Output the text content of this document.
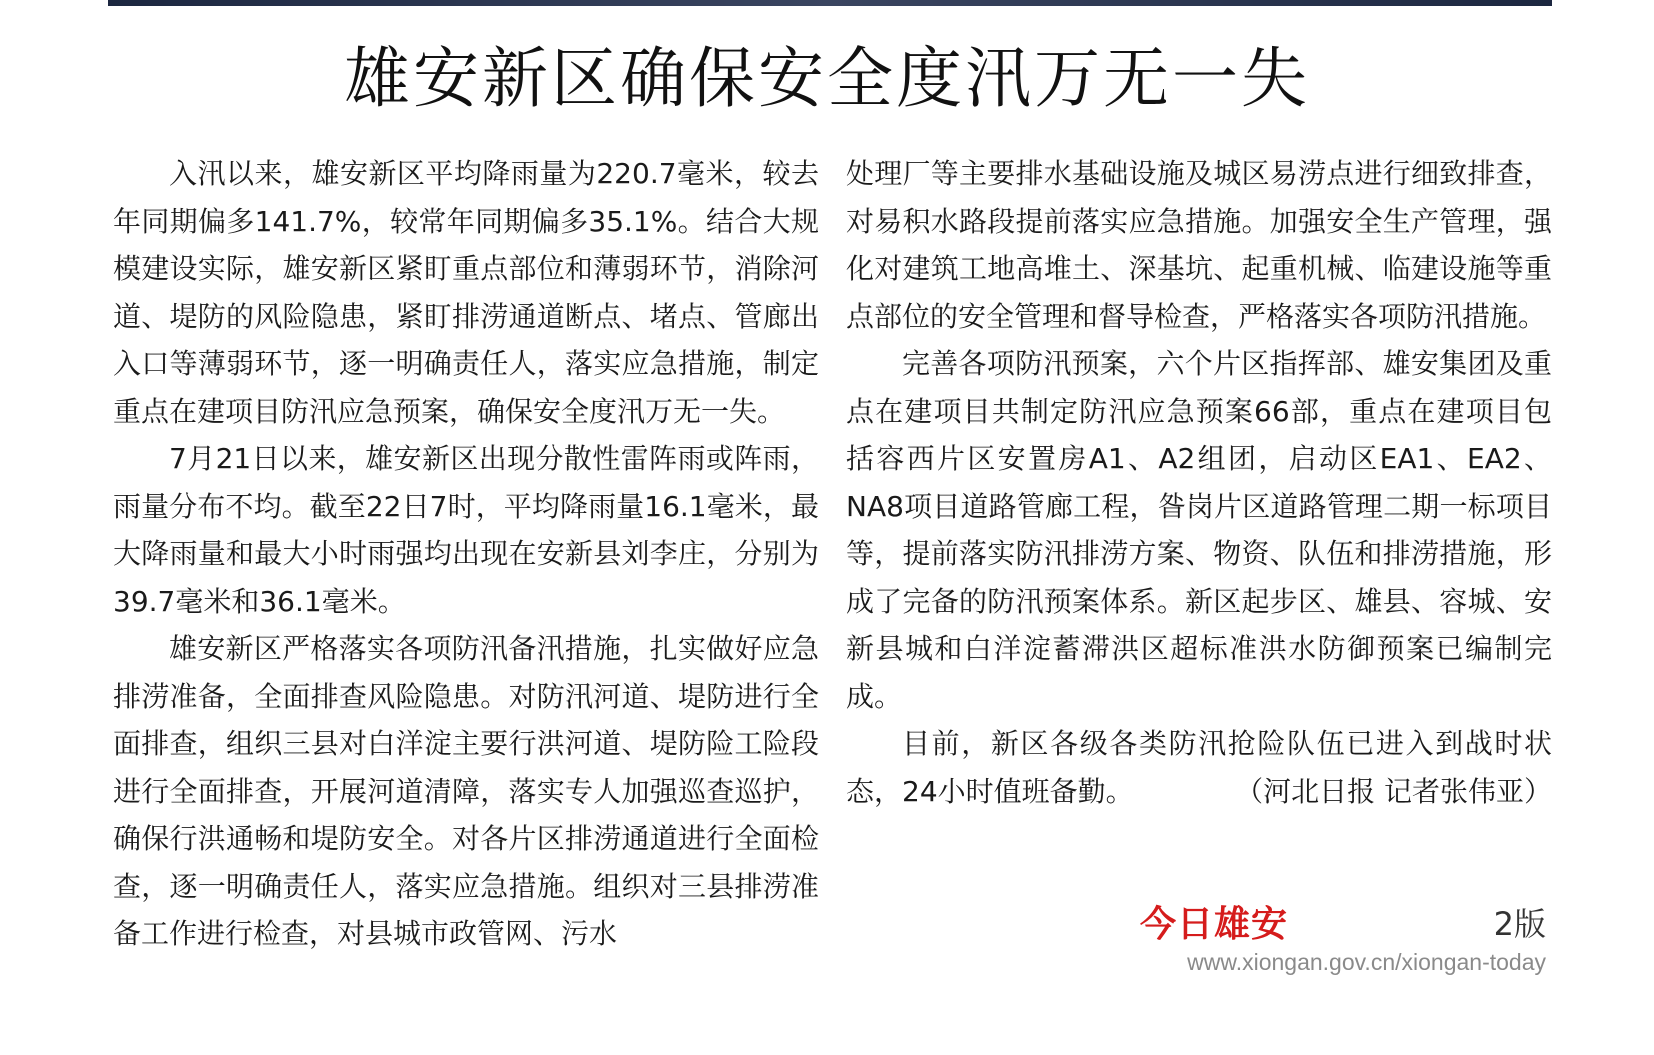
雄安新区确保安全度汛万无一失

入汛以来，雄安新区平均降雨量为220.7毫米，较去年同期偏多141.7%，较常年同期偏多35.1%。结合大规模建设实际，雄安新区紧盯重点部位和薄弱环节，消除河道、堤防的风险隐患，紧盯排涝通道断点、堵点、管廊出入口等薄弱环节，逐一明确责任人，落实应急措施，制定重点在建项目防汛应急预案，确保安全度汛万无一失。

7月21日以来，雄安新区出现分散性雷阵雨或阵雨，雨量分布不均。截至22日7时，平均降雨量16.1毫米，最大降雨量和最大小时雨强均出现在安新县刘李庄，分别为39.7毫米和36.1毫米。

雄安新区严格落实各项防汛备汛措施，扎实做好应急排涝准备，全面排查风险隐患。对防汛河道、堤防进行全面排查，组织三县对白洋淀主要行洪河道、堤防险工险段进行全面排查，开展河道清障，落实专人加强巡查巡护，确保行洪通畅和堤防安全。对各片区排涝通道进行全面检查，逐一明确责任人，落实应急措施。组织对三县排涝准备工作进行检查，对县城市政管网、污水

处理厂等主要排水基础设施及城区易涝点进行细致排查，对易积水路段提前落实应急措施。加强安全生产管理，强化对建筑工地高堆土、深基坑、起重机械、临建设施等重点部位的安全管理和督导检查，严格落实各项防汛措施。

完善各项防汛预案，六个片区指挥部、雄安集团及重点在建项目共制定防汛应急预案66部，重点在建项目包括容西片区安置房A1、A2组团，启动区EA1、EA2、NA8项目道路管廊工程，昝岗片区道路管理二期一标项目等，提前落实防汛排涝方案、物资、队伍和排涝措施，形成了完备的防汛预案体系。新区起步区、雄县、容城、安新县城和白洋淀蓄滞洪区超标准洪水防御预案已编制完成。

目前，新区各级各类防汛抢险队伍已进入到战时状态，24小时值班备勤。	（河北日报 记者张伟亚）

今日雄安	2版
www.xiongan.gov.cn/xiongan-today
